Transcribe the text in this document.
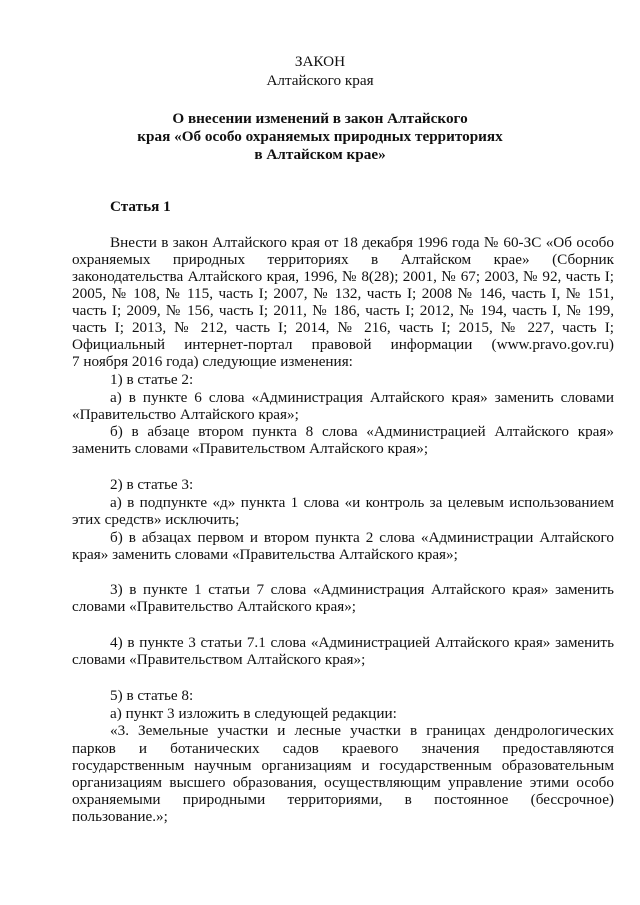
ЗАКОН
Алтайского края
О внесении изменений в закон Алтайского
края «Об особо охраняемых природных территориях
в Алтайском крае»
Статья 1
Внести в закон Алтайского края от 18 декабря 1996 года № 60-ЗС «Об особо
охраняемых природных территориях в Алтайском крае» (Сборник
законодательства Алтайского края, 1996, № 8(28); 2001, № 67; 2003, № 92, часть I;
2005, № 108, № 115, часть I; 2007, № 132, часть I; 2008 № 146, часть I, № 151,
часть I; 2009, № 156, часть I; 2011, № 186, часть I; 2012, № 194, часть I, № 199,
часть I; 2013, № 212, часть I; 2014, № 216, часть I; 2015, № 227, часть I;
Официальный интернет-портал правовой информации (www.pravo.gov.ru)
7 ноября 2016 года) следующие изменения:
1) в статье 2:
а) в пункте 6 слова «Администрация Алтайского края» заменить словами
«Правительство Алтайского края»;
б) в абзаце втором пункта 8 слова «Администрацией Алтайского края»
заменить словами «Правительством Алтайского края»;
2) в статье 3:
а) в подпункте «д» пункта 1 слова «и контроль за целевым использованием
этих средств» исключить;
б) в абзацах первом и втором пункта 2 слова «Администрации Алтайского
края» заменить словами «Правительства Алтайского края»;
3) в пункте 1 статьи 7 слова «Администрация Алтайского края» заменить
словами «Правительство Алтайского края»;
4) в пункте 3 статьи 7.1 слова «Администрацией Алтайского края» заменить
словами «Правительством Алтайского края»;
5) в статье 8:
а) пункт 3 изложить в следующей редакции:
«3. Земельные участки и лесные участки в границах дендрологических
парков и ботанических садов краевого значения предоставляются
государственным научным организациям и государственным образовательным
организациям высшего образования, осуществляющим управление этими особо
охраняемыми природными территориями, в постоянное (бессрочное)
пользование.»;
